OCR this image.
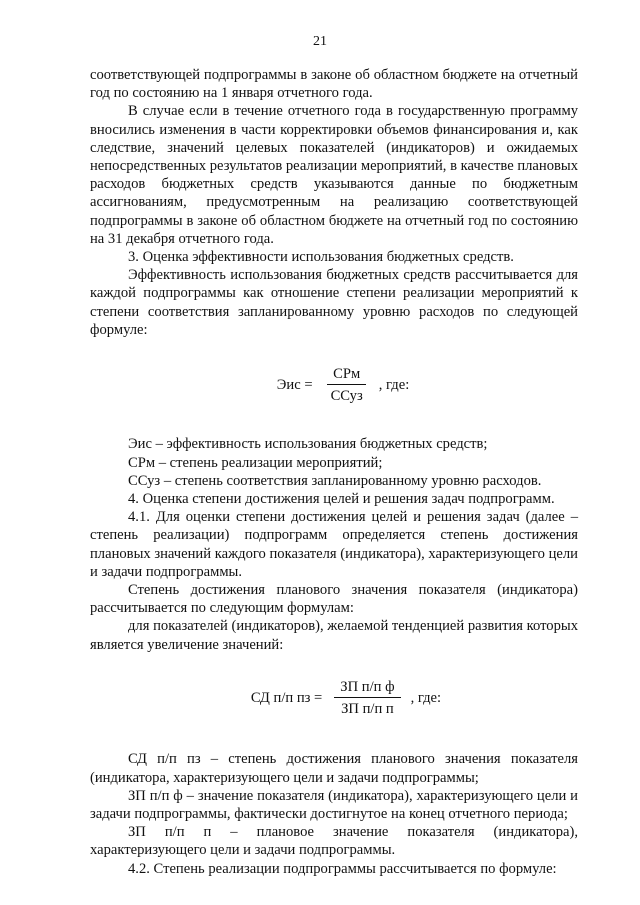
21

соответствующей подпрограммы в законе об областном бюджете на отчетный год по состоянию на 1 января отчетного года.

В случае если в течение отчетного года в государственную программу вносились изменения в части корректировки объемов финансирования и, как следствие, значений целевых показателей (индикаторов) и ожидаемых непосредственных результатов реализации мероприятий, в качестве плановых расходов бюджетных средств указываются данные по бюджетным ассигнованиям, предусмотренным на реализацию соответствующей подпрограммы в законе об областном бюджете на отчетный год по состоянию на 31 декабря отчетного года.

3. Оценка эффективности использования бюджетных средств.

Эффективность использования бюджетных средств рассчитывается для каждой подпрограммы как отношение степени реализации мероприятий к степени соответствия запланированному уровню расходов по следующей формуле:

Эис = $\frac{\text{СРм}}{\text{ССуз}}$ , где:

Эис – эффективность использования бюджетных средств;

СРм – степень реализации мероприятий;

ССуз – степень соответствия запланированному уровню расходов.

4. Оценка степени достижения целей и решения задач подпрограмм.

4.1. Для оценки степени достижения целей и решения задач (далее – степень реализации) подпрограмм определяется степень достижения плановых значений каждого показателя (индикатора), характеризующего цели и задачи подпрограммы.

Степень достижения планового значения показателя (индикатора) рассчитывается по следующим формулам:

для показателей (индикаторов), желаемой тенденцией развития которых является увеличение значений:

СД п/п пз = $\frac{\text{ЗП п/п ф}}{\text{ЗП п/п п}}$ , где:

СД п/п пз – степень достижения планового значения показателя (индикатора, характеризующего цели и задачи подпрограммы;

ЗП п/п ф – значение показателя (индикатора), характеризующего цели и задачи подпрограммы, фактически достигнутое на конец отчетного периода;

ЗП п/п п – плановое значение показателя (индикатора), характеризующего цели и задачи подпрограммы.

4.2. Степень реализации подпрограммы рассчитывается по формуле:
